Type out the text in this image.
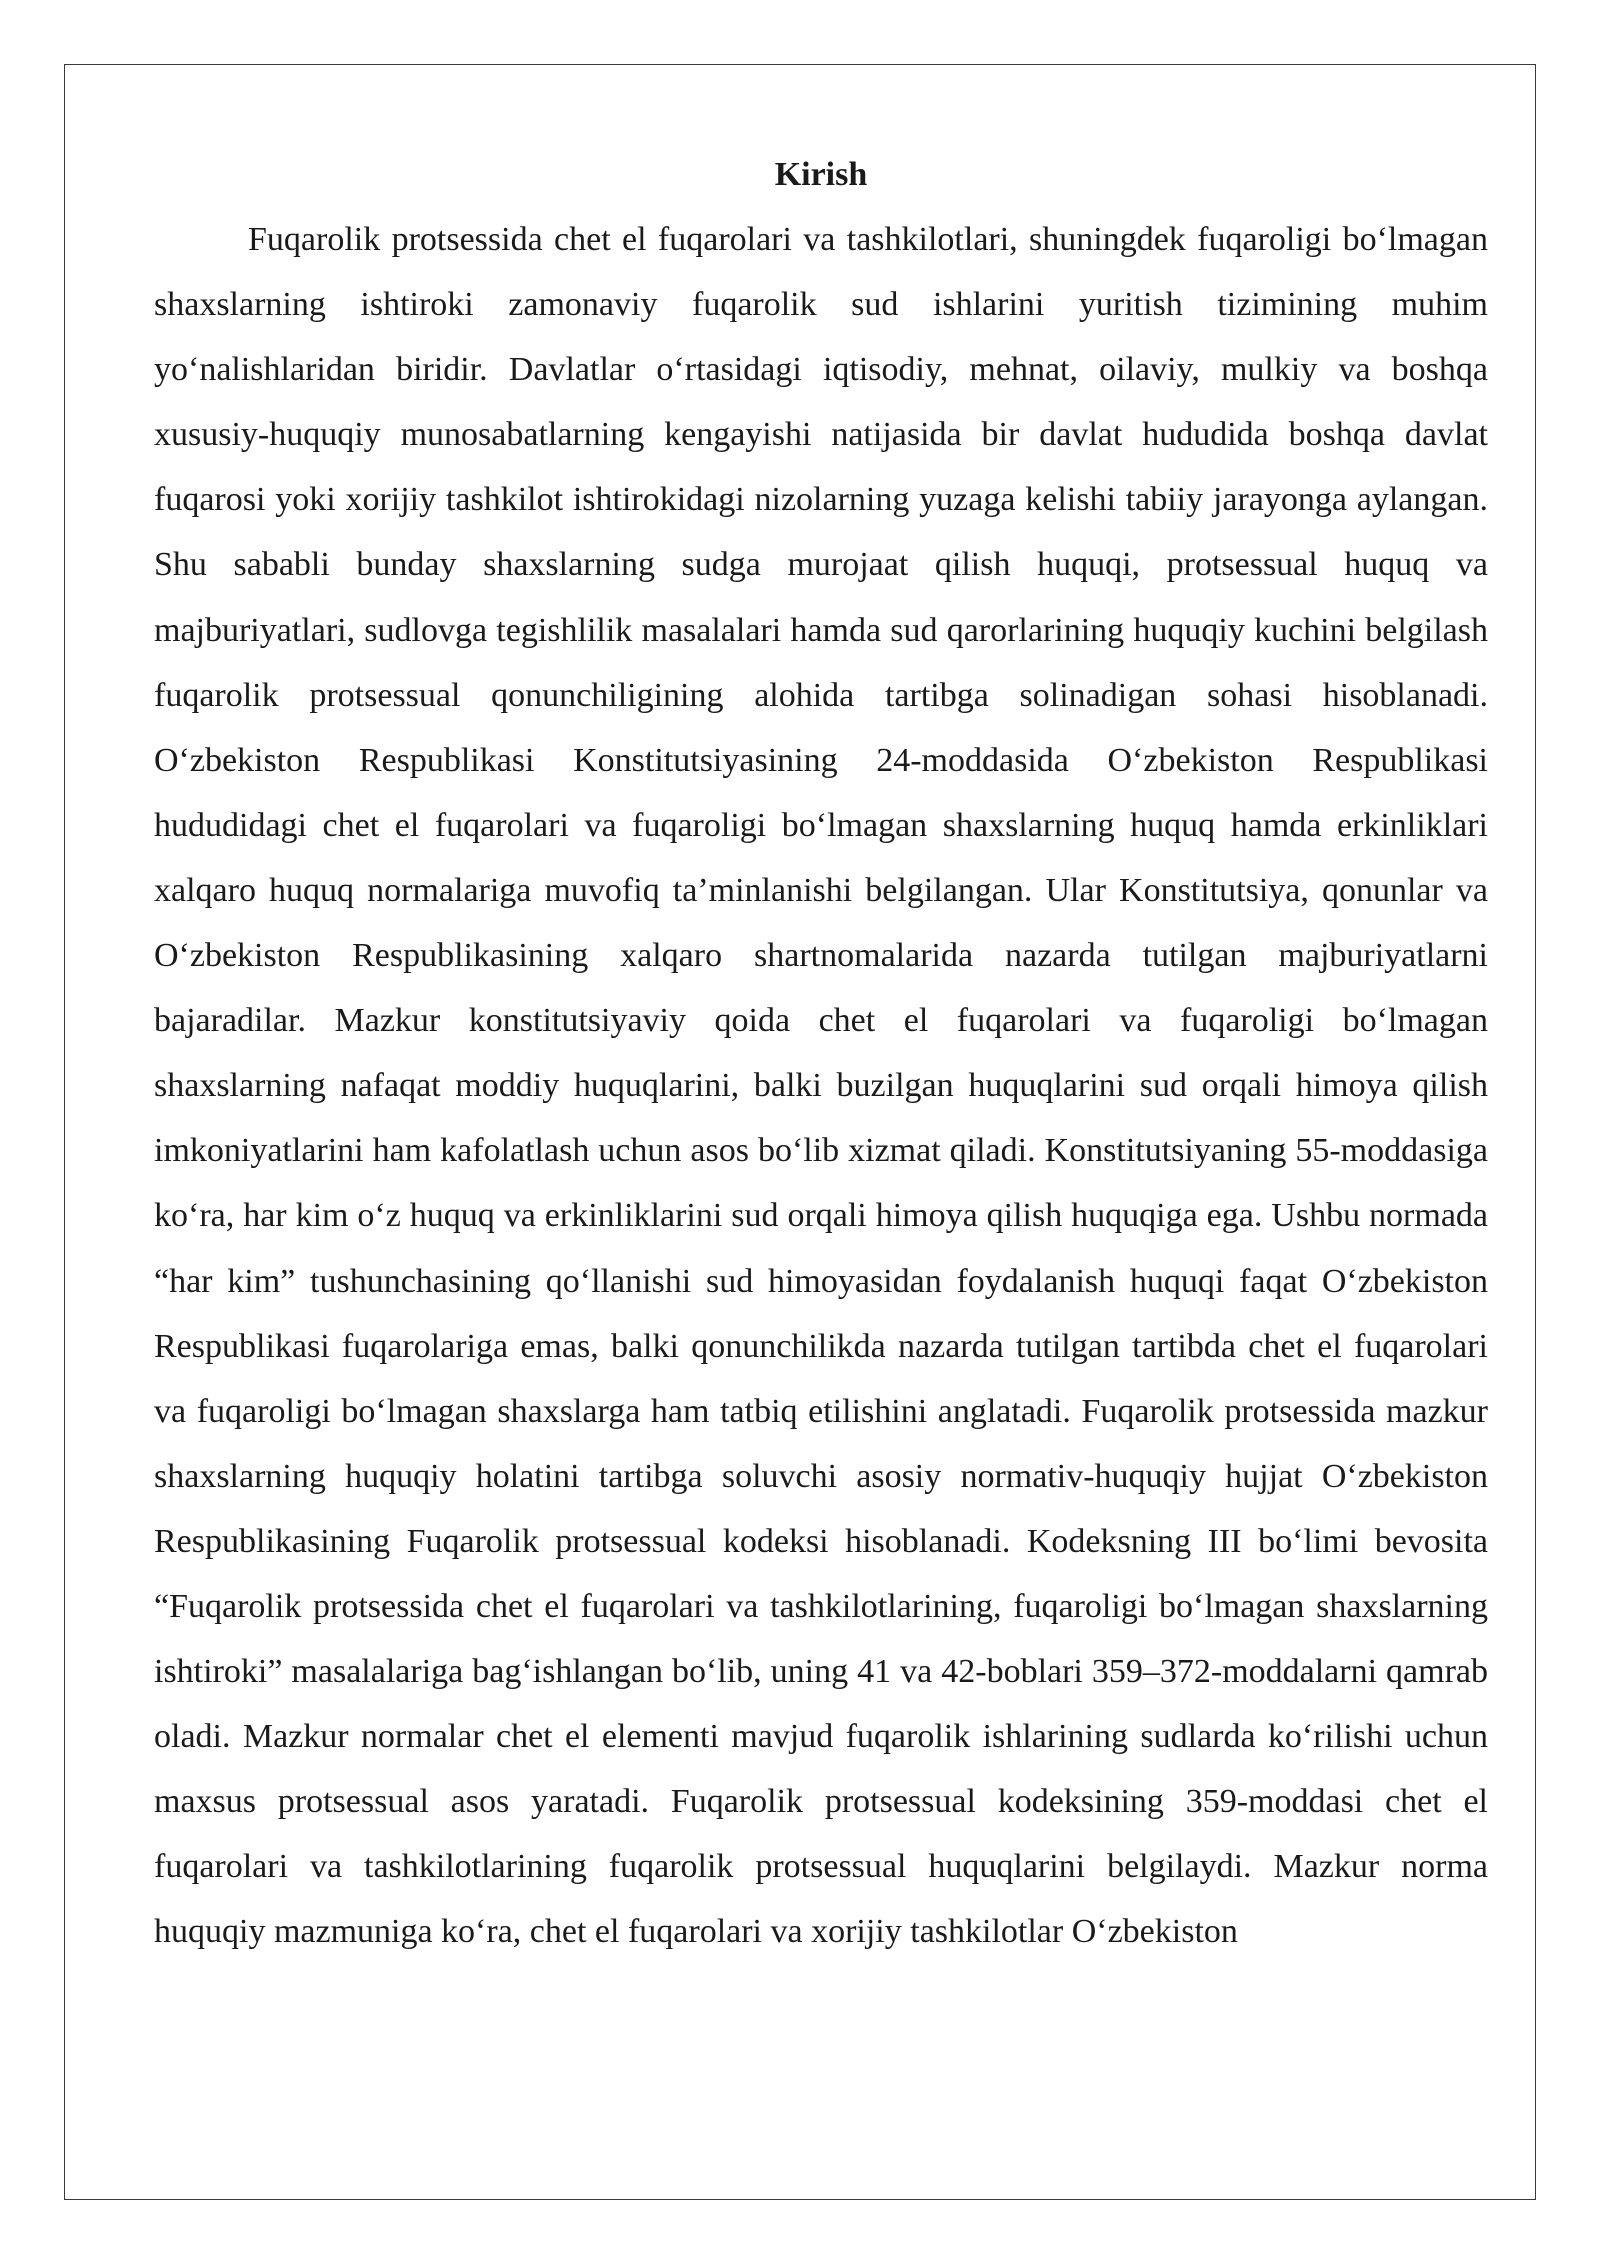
Kirish

Fuqarolik protsessida chet el fuqarolari va tashkilotlari, shuningdek fuqaroligi boʻlmagan shaxslarning ishtiroki zamonaviy fuqarolik sud ishlarini yuritish tizimining muhim yoʻnalishlaridan biridir. Davlatlar oʻrtasidagi iqtisodiy, mehnat, oilaviy, mulkiy va boshqa xususiy-huquqiy munosabatlarning kengayishi natijasida bir davlat hududida boshqa davlat fuqarosi yoki xorijiy tashkilot ishtirokidagi nizolarning yuzaga kelishi tabiiy jarayonga aylangan. Shu sababli bunday shaxslarning sudga murojaat qilish huquqi, protsessual huquq va majburiyatlari, sudlovga tegishlilik masalalari hamda sud qarorlarining huquqiy kuchini belgilash fuqarolik protsessual qonunchiligining alohida tartibga solinadigan sohasi hisoblanadi. Oʻzbekiston Respublikasi Konstitutsiyasining 24-moddasida Oʻzbekiston Respublikasi hududidagi chet el fuqarolari va fuqaroligi boʻlmagan shaxslarning huquq hamda erkinliklari xalqaro huquq normalariga muvofiq ta’minlanishi belgilangan. Ular Konstitutsiya, qonunlar va Oʻzbekiston Respublikasining xalqaro shartnomalarida nazarda tutilgan majburiyatlarni bajaradilar. Mazkur konstitutsiyaviy qoida chet el fuqarolari va fuqaroligi boʻlmagan shaxslarning nafaqat moddiy huquqlarini, balki buzilgan huquqlarini sud orqali himoya qilish imkoniyatlarini ham kafolatlash uchun asos boʻlib xizmat qiladi. Konstitutsiyaning 55-moddasiga koʻra, har kim oʻz huquq va erkinliklarini sud orqali himoya qilish huquqiga ega. Ushbu normada “har kim” tushunchasining qoʻllanishi sud himoyasidan foydalanish huquqi faqat Oʻzbekiston Respublikasi fuqarolariga emas, balki qonunchilikda nazarda tutilgan tartibda chet el fuqarolari va fuqaroligi boʻlmagan shaxslarga ham tatbiq etilishini anglatadi. Fuqarolik protsessida mazkur shaxslarning huquqiy holatini tartibga soluvchi asosiy normativ-huquqiy hujjat Oʻzbekiston Respublikasining Fuqarolik protsessual kodeksi hisoblanadi. Kodeksning III boʻlimi bevosita “Fuqarolik protsessida chet el fuqarolari va tashkilotlarining, fuqaroligi boʻlmagan shaxslarning ishtiroki” masalalariga bagʻishlangan boʻlib, uning 41 va 42-boblari 359–372-moddalarni qamrab oladi. Mazkur normalar chet el elementi mavjud fuqarolik ishlarining sudlarda koʻrilishi uchun maxsus protsessual asos yaratadi. Fuqarolik protsessual kodeksining 359-moddasi chet el fuqarolari va tashkilotlarining fuqarolik protsessual huquqlarini belgilaydi. Mazkur norma huquqiy mazmuniga koʻra, chet el fuqarolari va xorijiy tashkilotlar Oʻzbekiston
